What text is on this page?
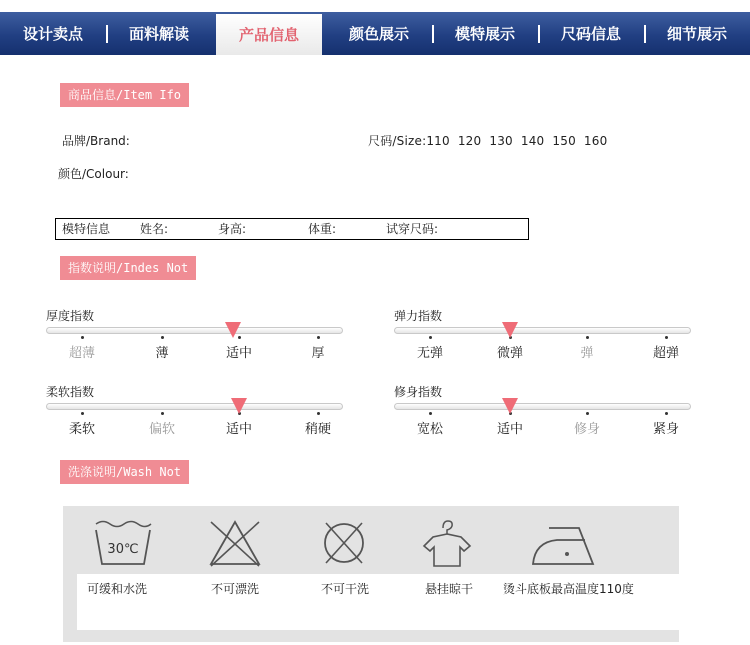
设计卖点	面料解读	产品信息	颜色展示	模特展示	尺码信息	细节展示
商品信息/Item Ifo
品牌/Brand:	尺码/Size:110 120 130 140 150 160
颜色/Colour:
模特信息 姓名:	身高:	体重:	试穿尺码:
指数说明/Indes Not
厚度指数
超薄	薄	适中	厚
弹力指数
无弹	微弹	弹	超弹
柔软指数
柔软	偏软	适中	稍硬
修身指数
宽松	适中	修身	紧身
洗涤说明/Wash Not
30℃
可缓和水洗	不可漂洗	不可干洗	悬挂晾干 烫斗底板最高温度110度
